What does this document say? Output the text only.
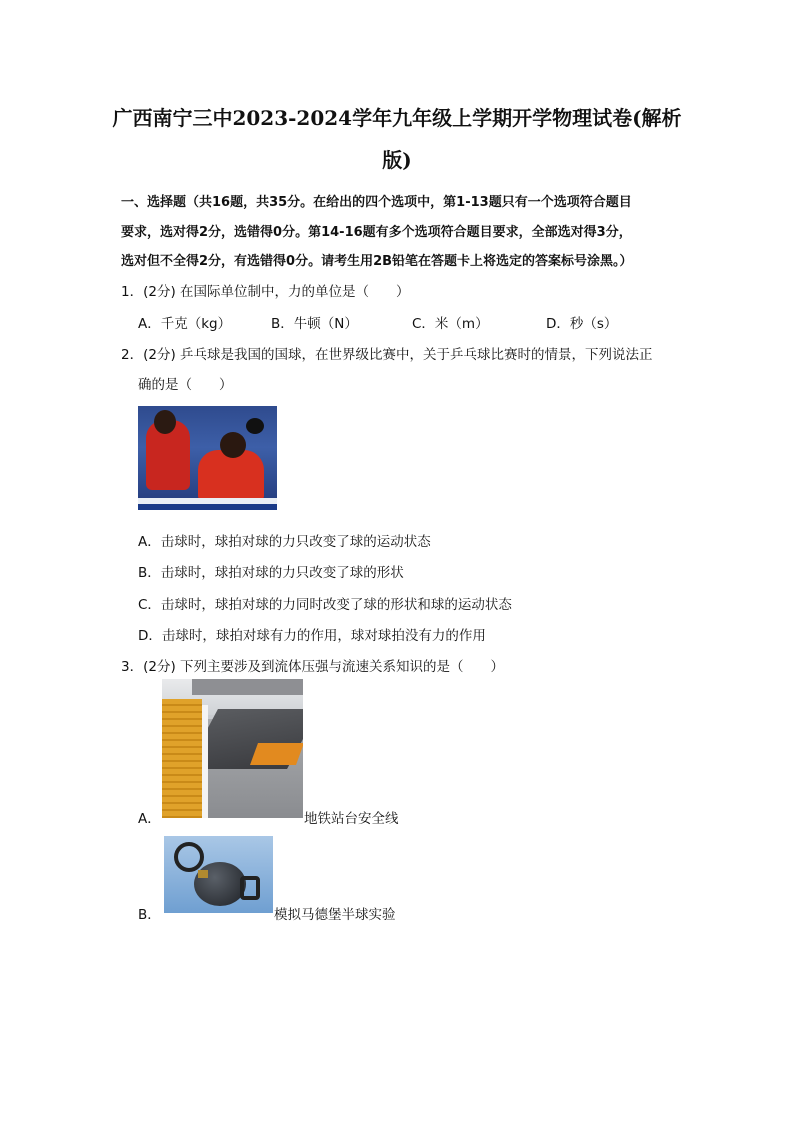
广西南宁三中2023-2024学年九年级上学期开学物理试卷(解析
版)
一、选择题（共16题，共35分。在给出的四个选项中，第1-13题只有一个选项符合题目
要求，选对得2分，选错得0分。第14-16题有多个选项符合题目要求，全部选对得3分，
选对但不全得2分，有选错得0分。请考生用2B铅笔在答题卡上将选定的答案标号涂黑。）
1．(2分) 在国际单位制中，力的单位是（　　）
A．千克（kg）	B．牛顿（N）	C．米（m）	D．秒（s）
2．(2分) 乒乓球是我国的国球，在世界级比赛中，关于乒乓球比赛时的情景，下列说法正
确的是（　　）
A．击球时，球拍对球的力只改变了球的运动状态
B．击球时，球拍对球的力只改变了球的形状
C．击球时，球拍对球的力同时改变了球的形状和球的运动状态
D．击球时，球拍对球有力的作用，球对球拍没有力的作用
3．(2分) 下列主要涉及到流体压强与流速关系知识的是（　　）
A．	地铁站台安全线
B．	模拟马德堡半球实验
